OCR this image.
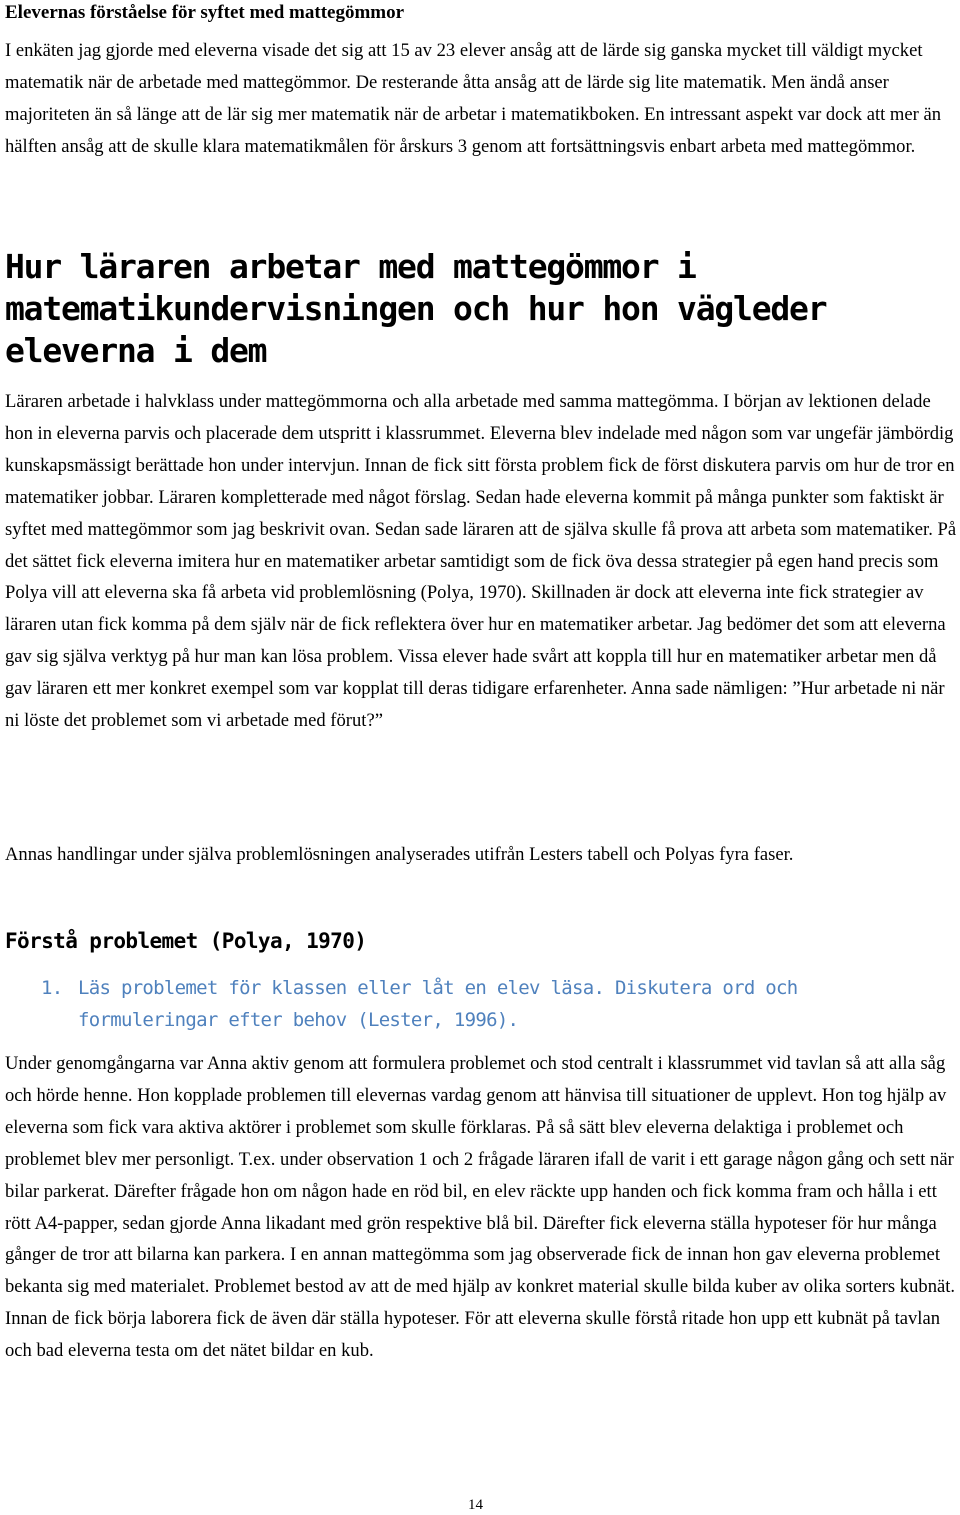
Elevernas förståelse för syftet med mattegömmor

I enkäten jag gjorde med eleverna visade det sig att 15 av 23 elever ansåg att de lärde sig ganska mycket till väldigt mycket matematik när de arbetade med mattegömmor. De resterande åtta ansåg att de lärde sig lite matematik. Men ändå anser majoriteten än så länge att de lär sig mer matematik när de arbetar i matematikboken. En intressant aspekt var dock att mer än hälften ansåg att de skulle klara matematikmålen för årskurs 3 genom att fortsättningsvis enbart arbeta med mattegömmor.

Hur läraren arbetar med mattegömmor i matematikundervisningen och hur hon vägleder eleverna i dem

Läraren arbetade i halvklass under mattegömmorna och alla arbetade med samma mattegömma. I början av lektionen delade hon in eleverna parvis och placerade dem utspritt i klassrummet. Eleverna blev indelade med någon som var ungefär jämbördig kunskapsmässigt berättade hon under intervjun. Innan de fick sitt första problem fick de först diskutera parvis om hur de tror en matematiker jobbar. Läraren kompletterade med något förslag. Sedan hade eleverna kommit på många punkter som faktiskt är syftet med mattegömmor som jag beskrivit ovan. Sedan sade läraren att de själva skulle få prova att arbeta som matematiker. På det sättet fick eleverna imitera hur en matematiker arbetar samtidigt som de fick öva dessa strategier på egen hand precis som Polya vill att eleverna ska få arbeta vid problemlösning (Polya, 1970). Skillnaden är dock att eleverna inte fick strategier av läraren utan fick komma på dem själv när de fick reflektera över hur en matematiker arbetar. Jag bedömer det som att eleverna gav sig själva verktyg på hur man kan lösa problem. Vissa elever hade svårt att koppla till hur en matematiker arbetar men då gav läraren ett mer konkret exempel som var kopplat till deras tidigare erfarenheter. Anna sade nämligen: ”Hur arbetade ni när ni löste det problemet som vi arbetade med förut?”

Annas handlingar under själva problemlösningen analyserades utifrån Lesters tabell och Polyas fyra faser.

Förstå problemet (Polya, 1970)
1. Läs problemet för klassen eller låt en elev läsa. Diskutera ord och formuleringar efter behov (Lester, 1996).

Under genomgångarna var Anna aktiv genom att formulera problemet och stod centralt i klassrummet vid tavlan så att alla såg och hörde henne. Hon kopplade problemen till elevernas vardag genom att hänvisa till situationer de upplevt. Hon tog hjälp av eleverna som fick vara aktiva aktörer i problemet som skulle förklaras. På så sätt blev eleverna delaktiga i problemet och problemet blev mer personligt. T.ex. under observation 1 och 2 frågade läraren ifall de varit i ett garage någon gång och sett när bilar parkerat. Därefter frågade hon om någon hade en röd bil, en elev räckte upp handen och fick komma fram och hålla i ett rött A4-papper, sedan gjorde Anna likadant med grön respektive blå bil. Därefter fick eleverna ställa hypoteser för hur många gånger de tror att bilarna kan parkera. I en annan mattegömma som jag observerade fick de innan hon gav eleverna problemet bekanta sig med materialet. Problemet bestod av att de med hjälp av konkret material skulle bilda kuber av olika sorters kubnät. Innan de fick börja laborera fick de även där ställa hypoteser. För att eleverna skulle förstå ritade hon upp ett kubnät på tavlan och bad eleverna testa om det nätet bildar en kub.

14
